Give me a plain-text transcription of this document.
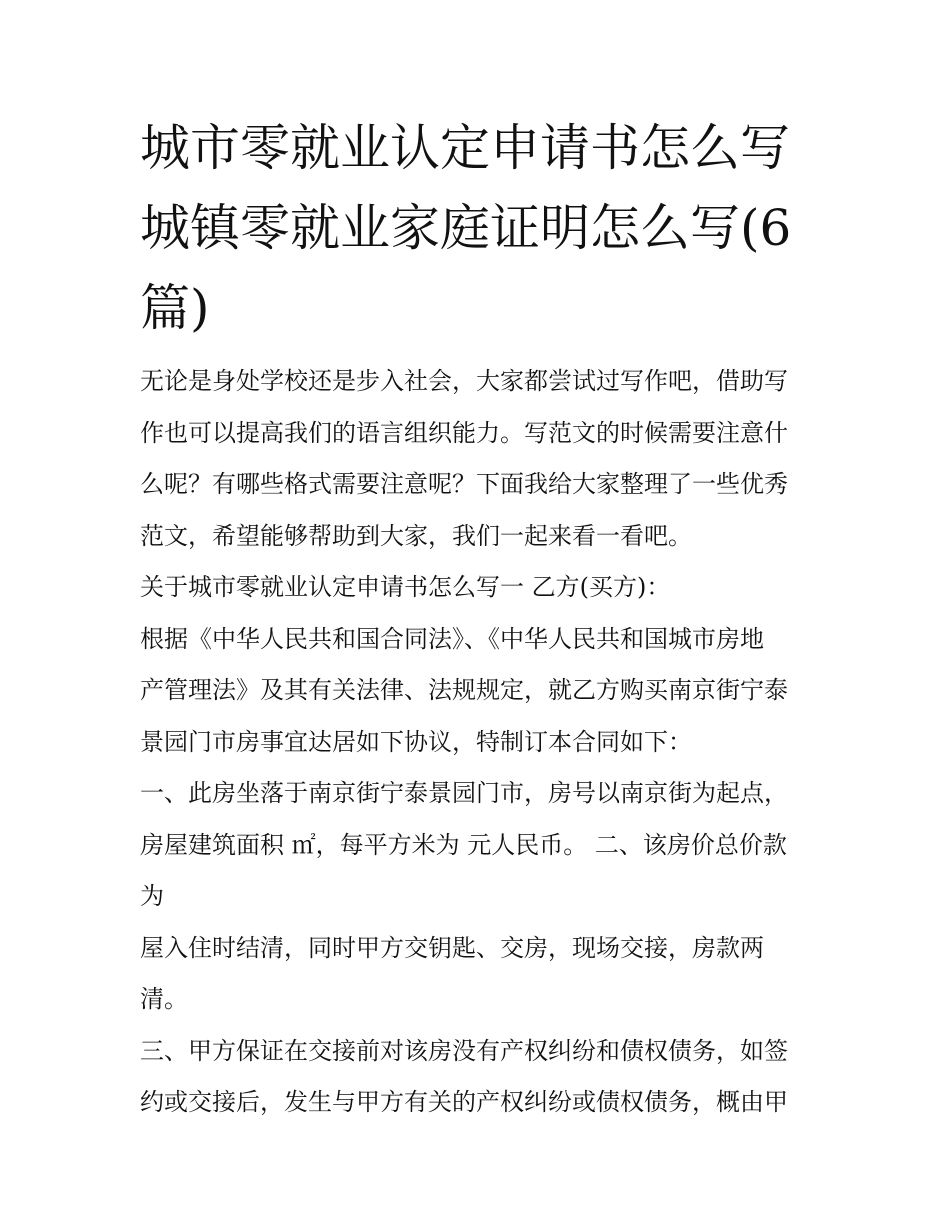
城市零就业认定申请书怎么写
城镇零就业家庭证明怎么写(6
篇)
无论是身处学校还是步入社会，大家都尝试过写作吧，借助写
作也可以提高我们的语言组织能力。写范文的时候需要注意什
么呢？有哪些格式需要注意呢？下面我给大家整理了一些优秀
范文，希望能够帮助到大家，我们一起来看一看吧。
关于城市零就业认定申请书怎么写一 乙方(买方)：
根据《中华人民共和国合同法》、《中华人民共和国城市房地
产管理法》及其有关法律、法规规定，就乙方购买南京街宁泰
景园门市房事宜达居如下协议，特制订本合同如下：
一、此房坐落于南京街宁泰景园门市，房号以南京街为起点，
房屋建筑面积 ㎡，每平方米为 元人民币。 二、该房价总价款
为
屋入住时结清，同时甲方交钥匙、交房，现场交接，房款两
清。
三、甲方保证在交接前对该房没有产权纠纷和债权债务，如签
约或交接后，发生与甲方有关的产权纠纷或债权债务，概由甲
